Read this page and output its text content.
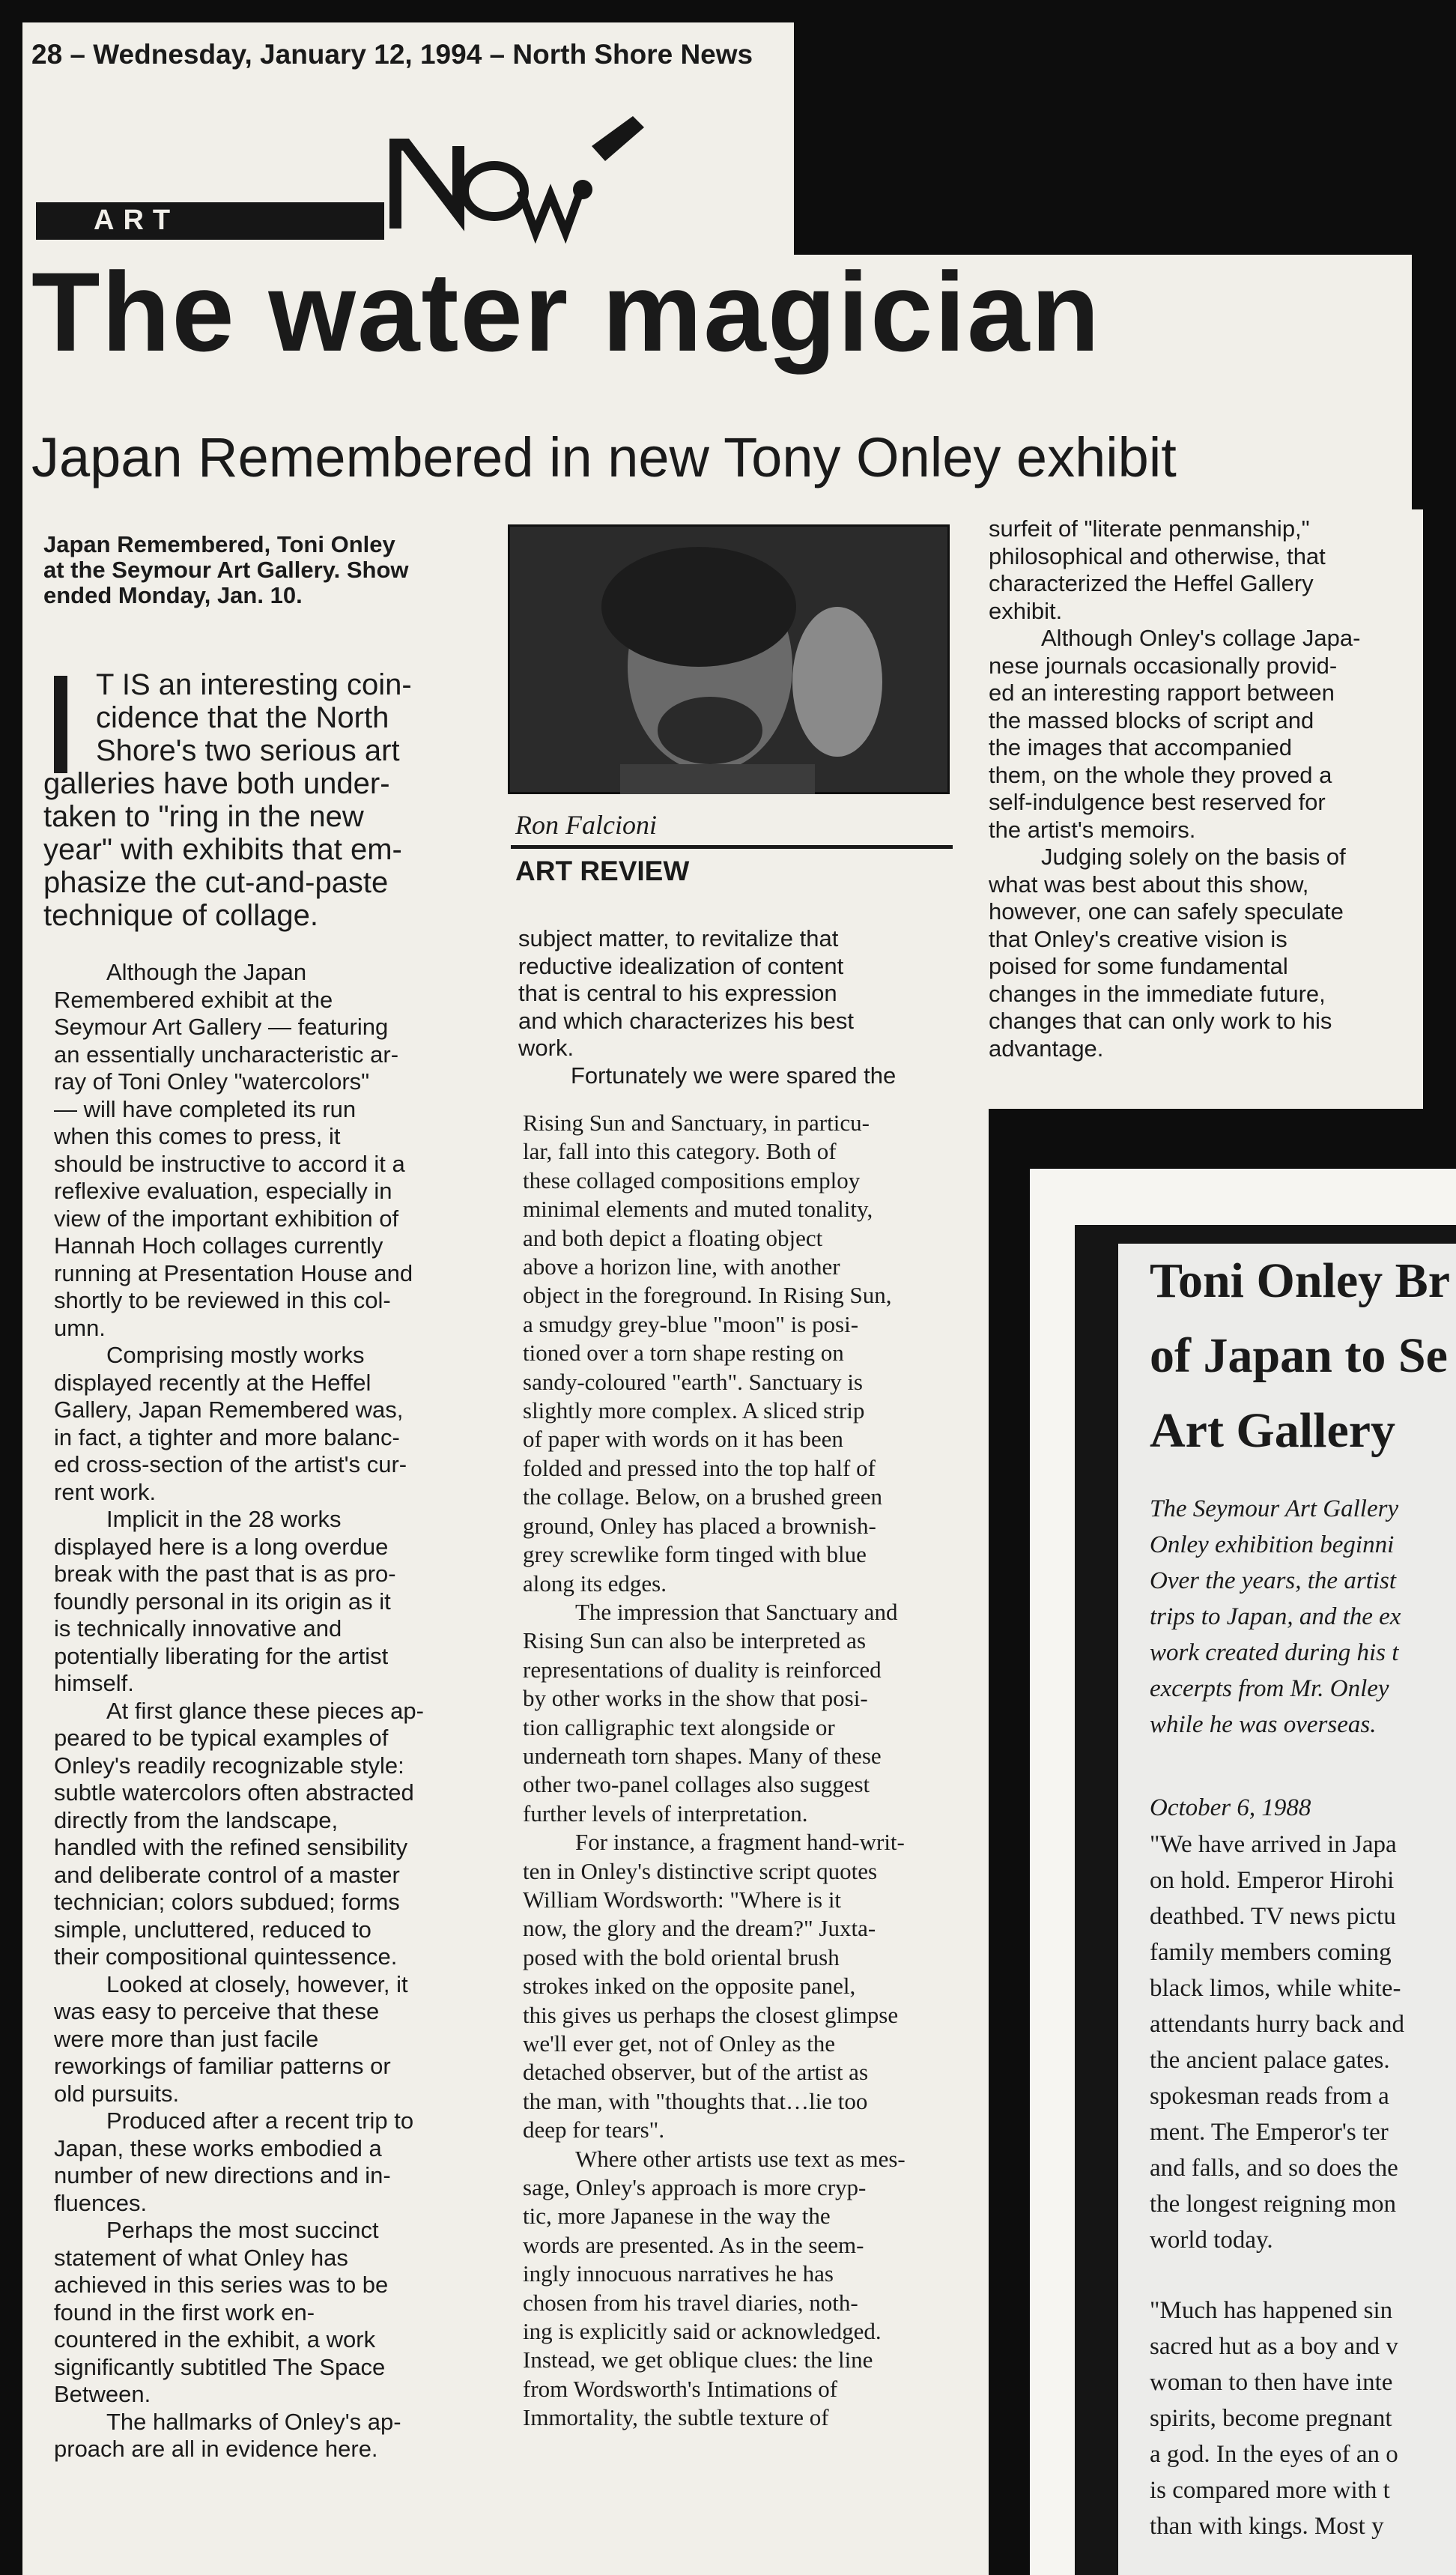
28 – Wednesday, January 12, 1994 – North Shore News
ART
The water magician
Japan Remembered in new Tony Onley exhibit
Japan Remembered, Toni Onley
at the Seymour Art Gallery. Show
ended Monday, Jan. 10.
T IS an interesting coin-
cidence that the North
Shore's two serious art
galleries have both under-
taken to "ring in the new
year" with exhibits that em-
phasize the cut-and-paste
technique of collage.
Although the Japan
Remembered exhibit at the
Seymour Art Gallery — featuring
an essentially uncharacteristic ar-
ray of Toni Onley "watercolors"
— will have completed its run
when this comes to press, it
should be instructive to accord it a
reflexive evaluation, especially in
view of the important exhibition of
Hannah Hoch collages currently
running at Presentation House and
shortly to be reviewed in this col-
umn.
Comprising mostly works
displayed recently at the Heffel
Gallery, Japan Remembered was,
in fact, a tighter and more balanc-
ed cross-section of the artist's cur-
rent work.
Implicit in the 28 works
displayed here is a long overdue
break with the past that is as pro-
foundly personal in its origin as it
is technically innovative and
potentially liberating for the artist
himself.
At first glance these pieces ap-
peared to be typical examples of
Onley's readily recognizable style:
subtle watercolors often abstracted
directly from the landscape,
handled with the refined sensibility
and deliberate control of a master
technician; colors subdued; forms
simple, uncluttered, reduced to
their compositional quintessence.
Looked at closely, however, it
was easy to perceive that these
were more than just facile
reworkings of familiar patterns or
old pursuits.
Produced after a recent trip to
Japan, these works embodied a
number of new directions and in-
fluences.
Perhaps the most succinct
statement of what Onley has
achieved in this series was to be
found in the first work en-
countered in the exhibit, a work
significantly subtitled The Space
Between.
The hallmarks of Onley's ap-
proach are all in evidence here.
Ron Falcioni
ART REVIEW
subject matter, to revitalize that
reductive idealization of content
that is central to his expression
and which characterizes his best
work.
Fortunately we were spared the
Rising Sun and Sanctuary, in particu-
lar, fall into this category. Both of
these collaged compositions employ
minimal elements and muted tonality,
and both depict a floating object
above a horizon line, with another
object in the foreground. In Rising Sun,
a smudgy grey-blue "moon" is posi-
tioned over a torn shape resting on
sandy-coloured "earth". Sanctuary is
slightly more complex. A sliced strip
of paper with words on it has been
folded and pressed into the top half of
the collage. Below, on a brushed green
ground, Onley has placed a brownish-
grey screwlike form tinged with blue
along its edges.
The impression that Sanctuary and
Rising Sun can also be interpreted as
representations of duality is reinforced
by other works in the show that posi-
tion calligraphic text alongside or
underneath torn shapes. Many of these
other two-panel collages also suggest
further levels of interpretation.
For instance, a fragment hand-writ-
ten in Onley's distinctive script quotes
William Wordsworth: "Where is it
now, the glory and the dream?" Juxta-
posed with the bold oriental brush
strokes inked on the opposite panel,
this gives us perhaps the closest glimpse
we'll ever get, not of Onley as the
detached observer, but of the artist as
the man, with "thoughts that…lie too
deep for tears".
Where other artists use text as mes-
sage, Onley's approach is more cryp-
tic, more Japanese in the way the
words are presented. As in the seem-
ingly innocuous narratives he has
chosen from his travel diaries, noth-
ing is explicitly said or acknowledged.
Instead, we get oblique clues: the line
from Wordsworth's Intimations of
Immortality, the subtle texture of
surfeit of "literate penmanship,"
philosophical and otherwise, that
characterized the Heffel Gallery
exhibit.
Although Onley's collage Japa-
nese journals occasionally provid-
ed an interesting rapport between
the massed blocks of script and
the images that accompanied
them, on the whole they proved a
self-indulgence best reserved for
the artist's memoirs.
Judging solely on the basis of
what was best about this show,
however, one can safely speculate
that Onley's creative vision is
poised for some fundamental
changes in the immediate future,
changes that can only work to his
advantage.
Toni Onley Br
of Japan to Se
Art Gallery
The Seymour Art Gallery
Onley exhibition beginni
Over the years, the artist
trips to Japan, and the ex
work created during his t
excerpts from Mr. Onley
while he was overseas.
October 6, 1988
"We have arrived in Japa
on hold. Emperor Hirohi
deathbed. TV news pictu
family members coming
black limos, while white-
attendants hurry back and
the ancient palace gates.
spokesman reads from a
ment. The Emperor's ter
and falls, and so does the
the longest reigning mon
world today.
"Much has happened sin
sacred hut as a boy and v
woman to then have inte
spirits, become pregnant
a god. In the eyes of an o
is compared more with t
than with kings. Most y
